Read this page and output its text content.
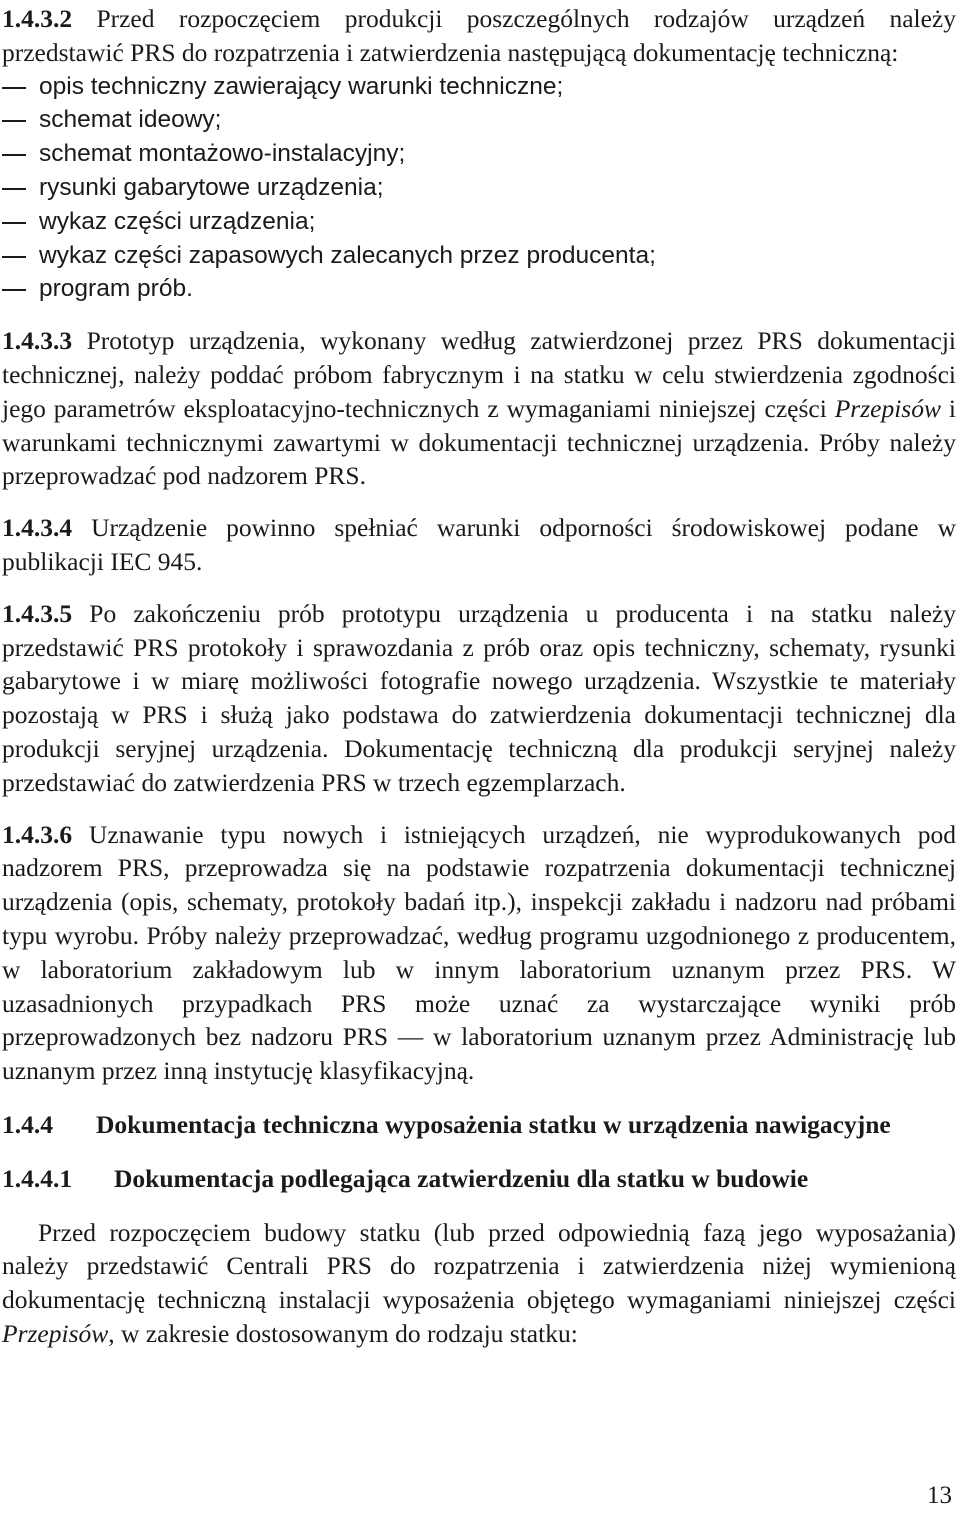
1.4.3.2 Przed rozpoczęciem produkcji poszczególnych rodzajów urządzeń należy przedstawić PRS do rozpatrzenia i zatwierdzenia następującą dokumentację techniczną:

opis techniczny zawierający warunki techniczne;
schemat ideowy;
schemat montażowo-instalacyjny;
rysunki gabarytowe urządzenia;
wykaz części urządzenia;
wykaz części zapasowych zalecanych przez producenta;
program prób.

1.4.3.3 Prototyp urządzenia, wykonany według zatwierdzonej przez PRS dokumentacji technicznej, należy poddać próbom fabrycznym i na statku w celu stwierdzenia zgodności jego parametrów eksploatacyjno-technicznych z wymaganiami niniejszej części Przepisów i warunkami technicznymi zawartymi w dokumentacji technicznej urządzenia. Próby należy przeprowadzać pod nadzorem PRS.

1.4.3.4 Urządzenie powinno spełniać warunki odporności środowiskowej podane w publikacji IEC 945.

1.4.3.5 Po zakończeniu prób prototypu urządzenia u producenta i na statku należy przedstawić PRS protokoły i sprawozdania z prób oraz opis techniczny, schematy, rysunki gabarytowe i w miarę możliwości fotografie nowego urządzenia. Wszystkie te materiały pozostają w PRS i służą jako podstawa do zatwierdzenia dokumentacji technicznej dla produkcji seryjnej urządzenia. Dokumentację techniczną dla produkcji seryjnej należy przedstawiać do zatwierdzenia PRS w trzech egzemplarzach.

1.4.3.6 Uznawanie typu nowych i istniejących urządzeń, nie wyprodukowanych pod nadzorem PRS, przeprowadza się na podstawie rozpatrzenia dokumentacji technicznej urządzenia (opis, schematy, protokoły badań itp.), inspekcji zakładu i nadzoru nad próbami typu wyrobu. Próby należy przeprowadzać, według programu uzgodnionego z producentem, w laboratorium zakładowym lub w innym laboratorium uznanym przez PRS. W uzasadnionych przypadkach PRS może uznać za wystarczające wyniki prób przeprowadzonych bez nadzoru PRS — w laboratorium uznanym przez Administrację lub uznanym przez inną instytucję klasyfikacyjną.

1.4.4 Dokumentacja techniczna wyposażenia statku w urządzenia nawigacyjne

1.4.4.1 Dokumentacja podlegająca zatwierdzeniu dla statku w budowie

Przed rozpoczęciem budowy statku (lub przed odpowiednią fazą jego wyposażania) należy przedstawić Centrali PRS do rozpatrzenia i zatwierdzenia niżej wymienioną dokumentację techniczną instalacji wyposażenia objętego wymaganiami niniejszej części Przepisów, w zakresie dostosowanym do rodzaju statku:

13
